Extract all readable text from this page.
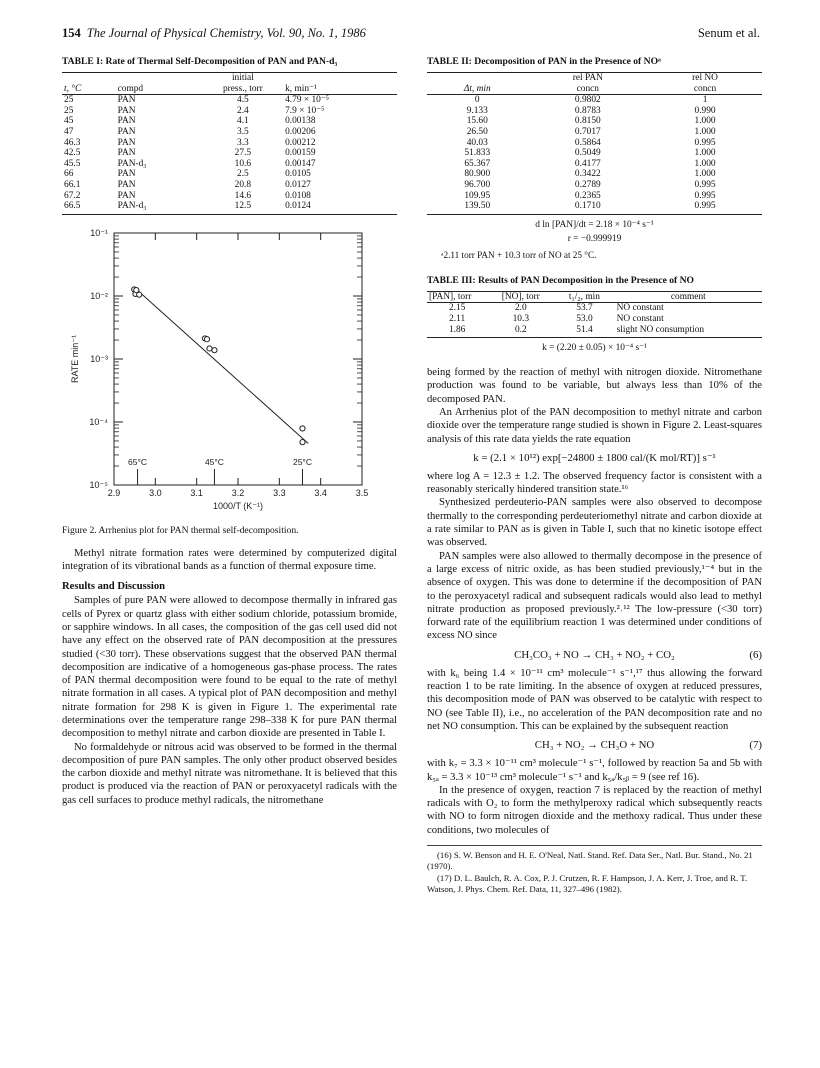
154 The Journal of Physical Chemistry, Vol. 90, No. 1, 1986	Senum et al.
TABLE I: Rate of Thermal Self-Decomposition of PAN and PAN-d₃
		initial	
t, °C	compd	press., torr	k, min⁻¹
25	PAN	4.5	4.79 × 10⁻⁵
25	PAN	2.4	7.9 × 10⁻⁵
45	PAN	4.1	0.00138
47	PAN	3.5	0.00206
46.3	PAN	3.3	0.00212
42.5	PAN	27.5	0.00159
45.5	PAN-d₃	10.6	0.00147
66	PAN	2.5	0.0105
66.1	PAN	20.8	0.0127
67.2	PAN	14.6	0.0108
66.5	PAN-d₃	12.5	0.0124
10⁻¹
10⁻²
10⁻³
10⁻⁴
10⁻⁵
2.9	3.0	3.1	3.2	3.3	3.4	3.5
1000/T (K⁻¹)
RATE min⁻¹
65°C	45°C	25°C
Figure 2. Arrhenius plot for PAN thermal self-decomposition.

Methyl nitrate formation rates were determined by computerized digital integration of its vibrational bands as a function of thermal exposure time.

Results and Discussion

Samples of pure PAN were allowed to decompose thermally in infrared gas cells of Pyrex or quartz glass with either sodium chloride, potassium bromide, or sapphire windows. In all cases, the composition of the gas cell used did not have any effect on the observed rate of PAN decomposition at the pressures studied (<30 torr). These observations suggest that the observed PAN thermal decomposition are indicative of a homogeneous gas-phase process. The rates of PAN thermal decomposition were found to be equal to the rate of methyl nitrate formation in all cases. A typical plot of PAN decomposition and methyl nitrate formation for 298 K is given in Figure 1. The experimental rate determinations over the temperature range 298–338 K for pure PAN thermal decomposition to methyl nitrate and carbon dioxide are presented in Table I.

No formaldehyde or nitrous acid was observed to be formed in the thermal decomposition of pure PAN samples. The only other product observed besides the carbon dioxide and methyl nitrate was nitromethane. It is believed that this product is produced via the reaction of PAN or peroxyacetyl radicals with the gas cell surfaces to produce methyl radicals, the nitromethane

TABLE II: Decomposition of PAN in the Presence of NOᵃ
	rel PAN	rel NO
Δt, min	concn	concn
0	0.9802	1
9.133	0.8783	0.990
15.60	0.8150	1.000
26.50	0.7017	1.000
40.03	0.5864	0.995
51.833	0.5049	1.000
65.367	0.4177	1.000
80.900	0.3422	1.000
96.700	0.2789	0.995
109.95	0.2365	0.995
139.50	0.1710	0.995
d ln [PAN]/dt = 2.18 × 10⁻⁴ s⁻¹
r = −0.999919
ᵃ2.11 torr PAN + 10.3 torr of NO at 25 °C.
TABLE III: Results of PAN Decomposition in the Presence of NO
[PAN], torr	[NO], torr	t₁/₂, min	comment
2.15	2.0	53.7	NO constant
2.11	10.3	53.0	NO constant
1.86	0.2	51.4	slight NO consumption
k = (2.20 ± 0.05) × 10⁻⁴ s⁻¹

being formed by the reaction of methyl with nitrogen dioxide. Nitromethane production was found to be variable, but always less than 10% of the decomposed PAN.

An Arrhenius plot of the PAN decomposition to methyl nitrate and carbon dioxide over the temperature range studied is shown in Figure 2. Least-squares analysis of this rate data yields the rate equation

k = (2.1 × 10¹²) exp[−24800 ± 1800 cal/(K mol/RT)] s⁻¹

where log A = 12.3 ± 1.2. The observed frequency factor is consistent with a reasonably sterically hindered transition state.¹⁶

Synthesized perdeuterio-PAN samples were also observed to decompose thermally to the corresponding perdeuteriomethyl nitrate and carbon dioxide at a rate similar to PAN as is given in Table I, such that no kinetic isotope effect was observed.

PAN samples were also allowed to thermally decompose in the presence of a large excess of nitric oxide, as has been studied previously,¹⁻⁴ but in the absence of oxygen. This was done to determine if the decomposition of PAN to the peroxyacetyl radical and subsequent radicals would also lead to methyl nitrate production as proposed previously.²˒¹² The low-pressure (<30 torr) forward rate of the equilibrium reaction 1 was determined under conditions of excess NO since

CH₃CO₃ + NO → CH₃ + NO₂ + CO₂	(6)

with k₆ being 1.4 × 10⁻¹¹ cm³ molecule⁻¹ s⁻¹,¹⁷ thus allowing the forward reaction 1 to be rate limiting. In the absence of oxygen at reduced pressures, this decomposition mode of PAN was observed to be catalytic with respect to NO (see Table II), i.e., no acceleration of the PAN decomposition rate and no net NO consumption. This can be explained by the subsequent reaction

CH₃ + NO₂ → CH₃O + NO	(7)

with k₇ = 3.3 × 10⁻¹¹ cm³ molecule⁻¹ s⁻¹, followed by reaction 5a and 5b with k₅ₐ = 3.3 × 10⁻¹³ cm³ molecule⁻¹ s⁻¹ and k₅ₐ/k₅ᵦ = 9 (see ref 16).

In the presence of oxygen, reaction 7 is replaced by the reaction of methyl radicals with O₂ to form the methylperoxy radical which subsequently reacts with NO to form nitrogen dioxide and the methoxy radical. Thus under these conditions, two molecules of

(16) S. W. Benson and H. E. O'Neal, Natl. Stand. Ref. Data Ser., Natl. Bur. Stand., No. 21 (1970).

(17) D. L. Baulch, R. A. Cox, P. J. Crutzen, R. F. Hampson, J. A. Kerr, J. Troe, and R. T. Watson, J. Phys. Chem. Ref. Data, 11, 327–496 (1982).
